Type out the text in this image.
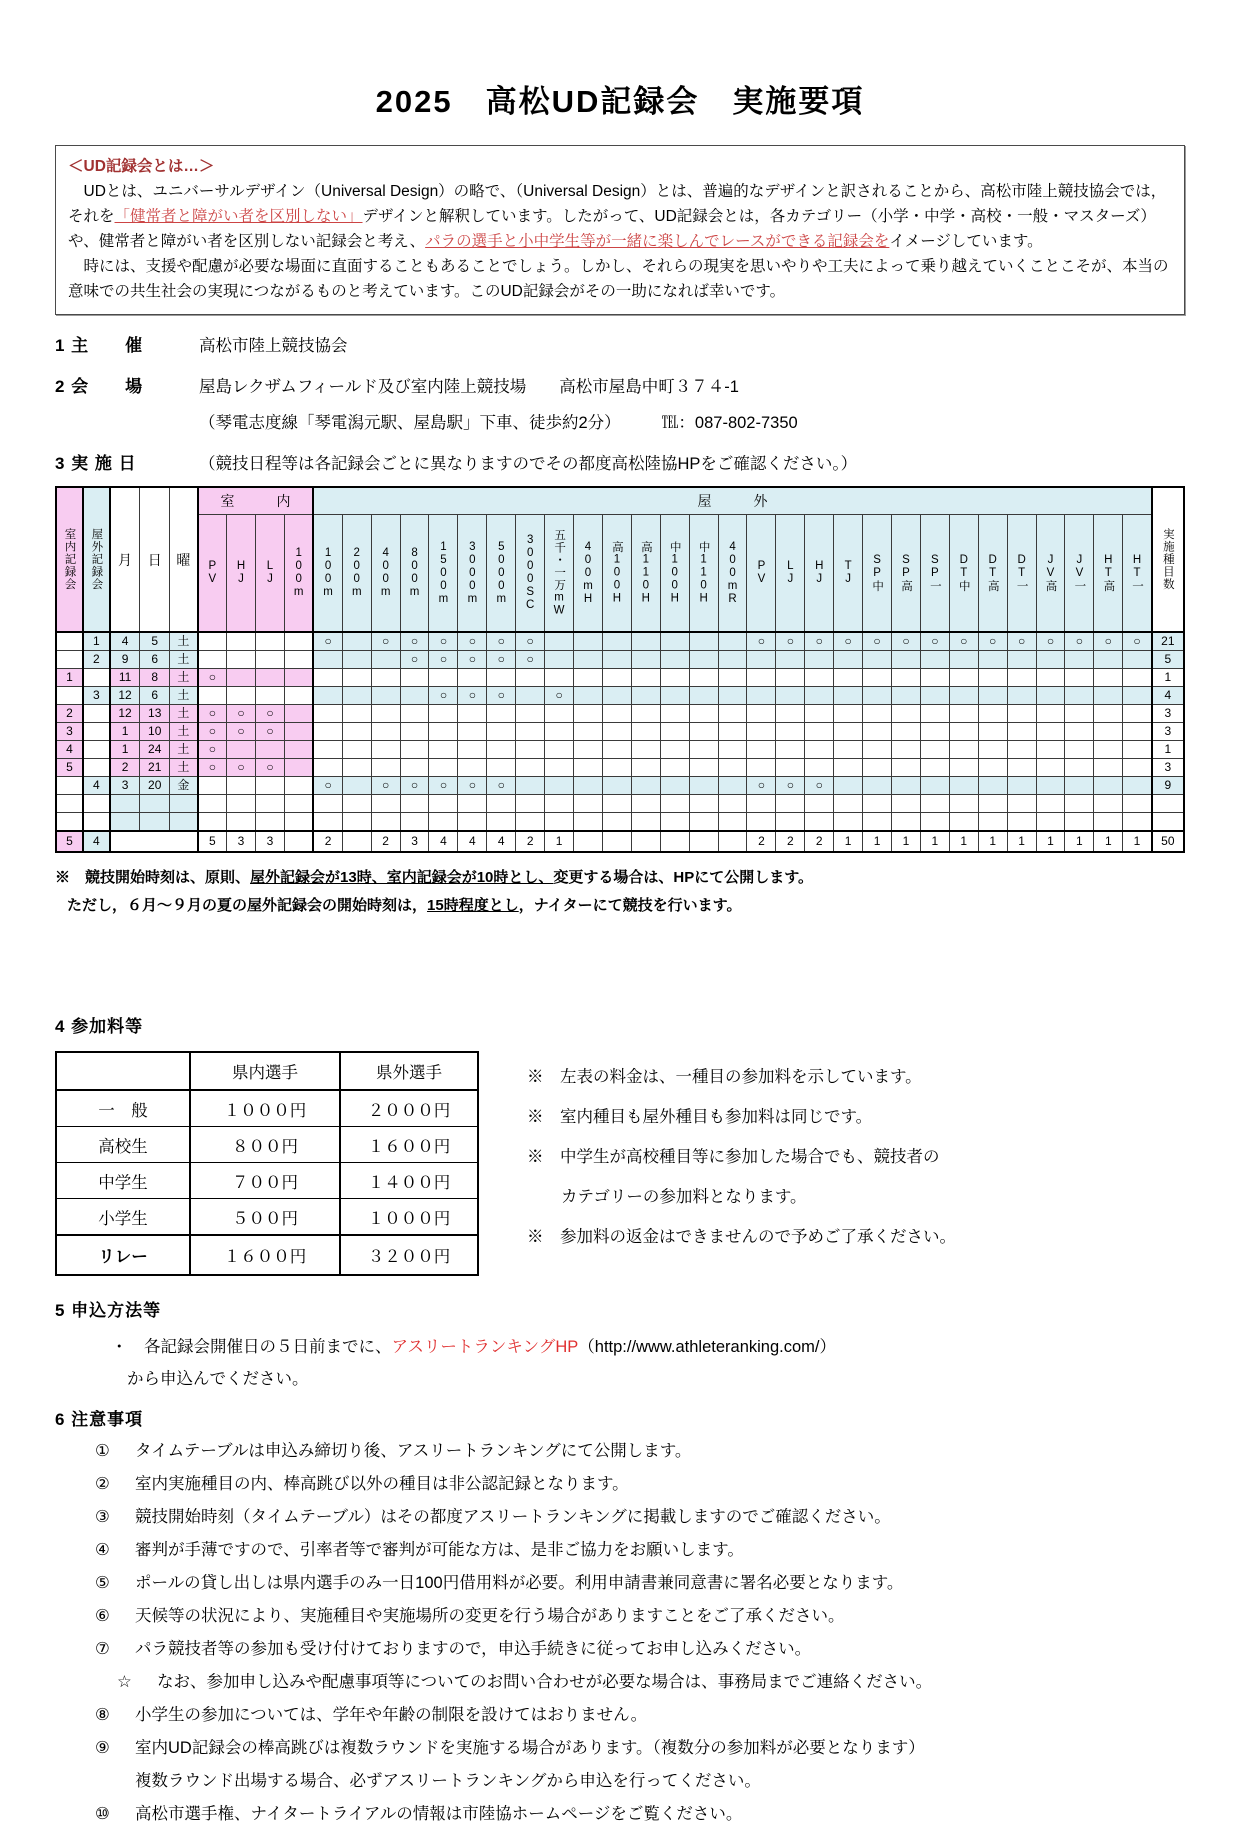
2025　高松UD記録会　実施要項
＜UD記録会とは…＞
　UDとは、ユニバーサルデザイン（Universal Design）の略で、（Universal Design）とは、普遍的なデザインと訳されることから、高松市陸上競技協会では，それを「健常者と障がい者を区別しない」デザインと解釈しています。したがって、UD記録会とは，各カテゴリー（小学・中学・高校・一般・マスターズ）や、健常者と障がい者を区別しない記録会と考え、パラの選手と小中学生等が一緒に楽しんでレースができる記録会をイメージしています。
　時には、支援や配慮が必要な場面に直面することもあることでしょう。しかし、それらの現実を思いやりや工夫によって乗り越えていくことこそが、本当の意味での共生社会の実現につながるものと考えています。このUD記録会がその一助になれば幸いです。
1 主　　催	高松市陸上競技協会
2 会　　場	屋島レクザムフィールド及び室内陸上競技場　　高松市屋島中町３７４-1
（琴電志度線「琴電潟元駅、屋島駅」下車、徒歩約2分）　　　℡：087-802-7350
3 実 施 日	（競技日程等は各記録会ごとに異なりますのでその都度高松陸協HPをご確認ください。）
室内記録会	屋外記録会	月	日	曜	室　内				屋　外																													実施種目数

					PV	HJ	LJ	100m	100m	200m	400m	800m	1500m	3000m	5000m	3000SC	五千・一万mW	400mH	高100H	高110H	中100H	中110H	400mR	PV	LJ	HJ	TJ	SP中	SP高	SP一	DT中	DT高	DT一	JV高	JV一	HT高	HT一	

	1	4	5	土					○		○	○	○	○	○	○								○	○	○	○	○	○	○	○	○	○	○	○	○	○	21
	2	9	6	土								○	○	○	○	○																						5
1		11	8	土	○																																	1
	3	12	6	土									○	○	○		○																					4
2		12	13	土	○	○	○																															3
3		1	10	土	○	○	○																															3
4		1	24	土	○																																	1
5		2	21	土	○	○	○																															3
	4	3	20	金					○		○	○	○	○	○									○	○	○												9

5	4				5	3	3		2		2	3	4	4	4	2	1							2	2	2	1	1	1	1	1	1	1	1	1	1	1	50
※　競技開始時刻は、原則、屋外記録会が13時、室内記録会が10時とし、変更する場合は、HPにて公開します。
ただし，６月～９月の夏の屋外記録会の開始時刻は，15時程度とし，ナイターにて競技を行います。
4 参加料等
	県内選手	県外選手
一　般	１０００円	２０００円
高校生	８００円	１６００円
中学生	７００円	１４００円
小学生	５００円	１０００円
リレー	１６００円	３２００円
※　左表の料金は、一種目の参加料を示しています。
※　室内種目も屋外種目も参加料は同じです。
※　中学生が高校種目等に参加した場合でも、競技者の
カテゴリーの参加料となります。
※　参加料の返金はできませんので予めご了承ください。
5 申込方法等
・　各記録会開催日の５日前までに、アスリートランキングHP（http://www.athleteranking.com/）
から申込んでください。
6 注意事項
①	タイムテーブルは申込み締切り後、アスリートランキングにて公開します。
②	室内実施種目の内、棒高跳び以外の種目は非公認記録となります。
③	競技開始時刻（タイムテーブル）はその都度アスリートランキングに掲載しますのでご確認ください。
④	審判が手薄ですので、引率者等で審判が可能な方は、是非ご協力をお願いします。
⑤	ポールの貸し出しは県内選手のみ一日100円借用料が必要。利用申請書兼同意書に署名必要となります。
⑥	天候等の状況により、実施種目や実施場所の変更を行う場合がありますことをご了承ください。
⑦	パラ競技者等の参加も受け付けておりますので，申込手続きに従ってお申し込みください。
☆	なお、参加申し込みや配慮事項等についてのお問い合わせが必要な場合は、事務局までご連絡ください。
⑧	小学生の参加については、学年や年齢の制限を設けてはおりません。
⑨	室内UD記録会の棒高跳びは複数ラウンドを実施する場合があります。（複数分の参加料が必要となります）
複数ラウンド出場する場合、必ずアスリートランキングから申込を行ってください。
⑩	高松市選手権、ナイタートライアルの情報は市陸協ホームページをご覧ください。
